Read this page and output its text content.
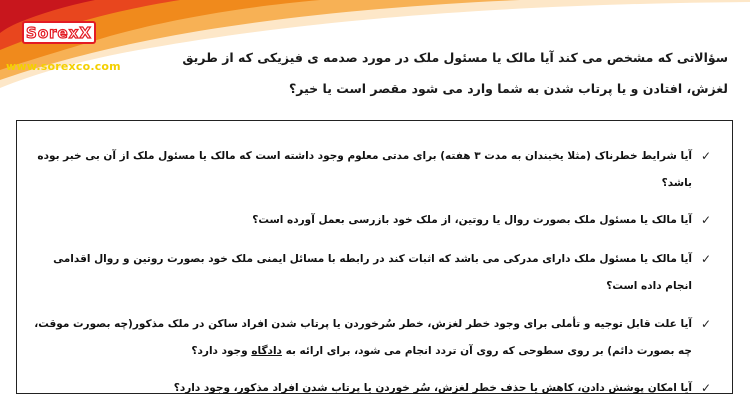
SorexX
www.sorexco.com
سؤالاتی که مشخص می کند آیا مالک یا مسئول ملک در مورد صدمه ی فیزیکی که از طریق
لغزش، افتادن و یا پرتاب شدن به شما وارد می شود مقصر است یا خیر؟
✓
آیا شرایط خطرناک (مثلا یخبندان به مدت ۳ هفته) برای مدتی معلوم وجود داشته است که مالک یا مسئول ملک از آن بی خبر بوده باشد؟
✓
آیا مالک یا مسئول ملک بصورت روال یا روتین، از ملک خود بازرسی بعمل آورده است؟
✓
آیا مالک یا مسئول ملک دارای مدرکی می باشد که اثبات کند در رابطه با مسائل ایمنی ملک خود بصورت روتین و روال اقدامی انجام داده است؟
✓
آیا علت قابل توجیه و تأملی برای وجود خطر لغزش، خطر سُرخوردن یا پرتاب شدن افراد ساکن در ملک مذکور(چه بصورت موقت، چه بصورت دائم) بر روی سطوحی که روی آن تردد انجام می شود، برای ارائه به دادگاه وجود دارد؟
✓
آیا امکان پوشش دادن، کاهش یا حذف خطر لغزش، سُر خوردن یا پرتاب شدن افراد مذکور، وجود دارد؟
